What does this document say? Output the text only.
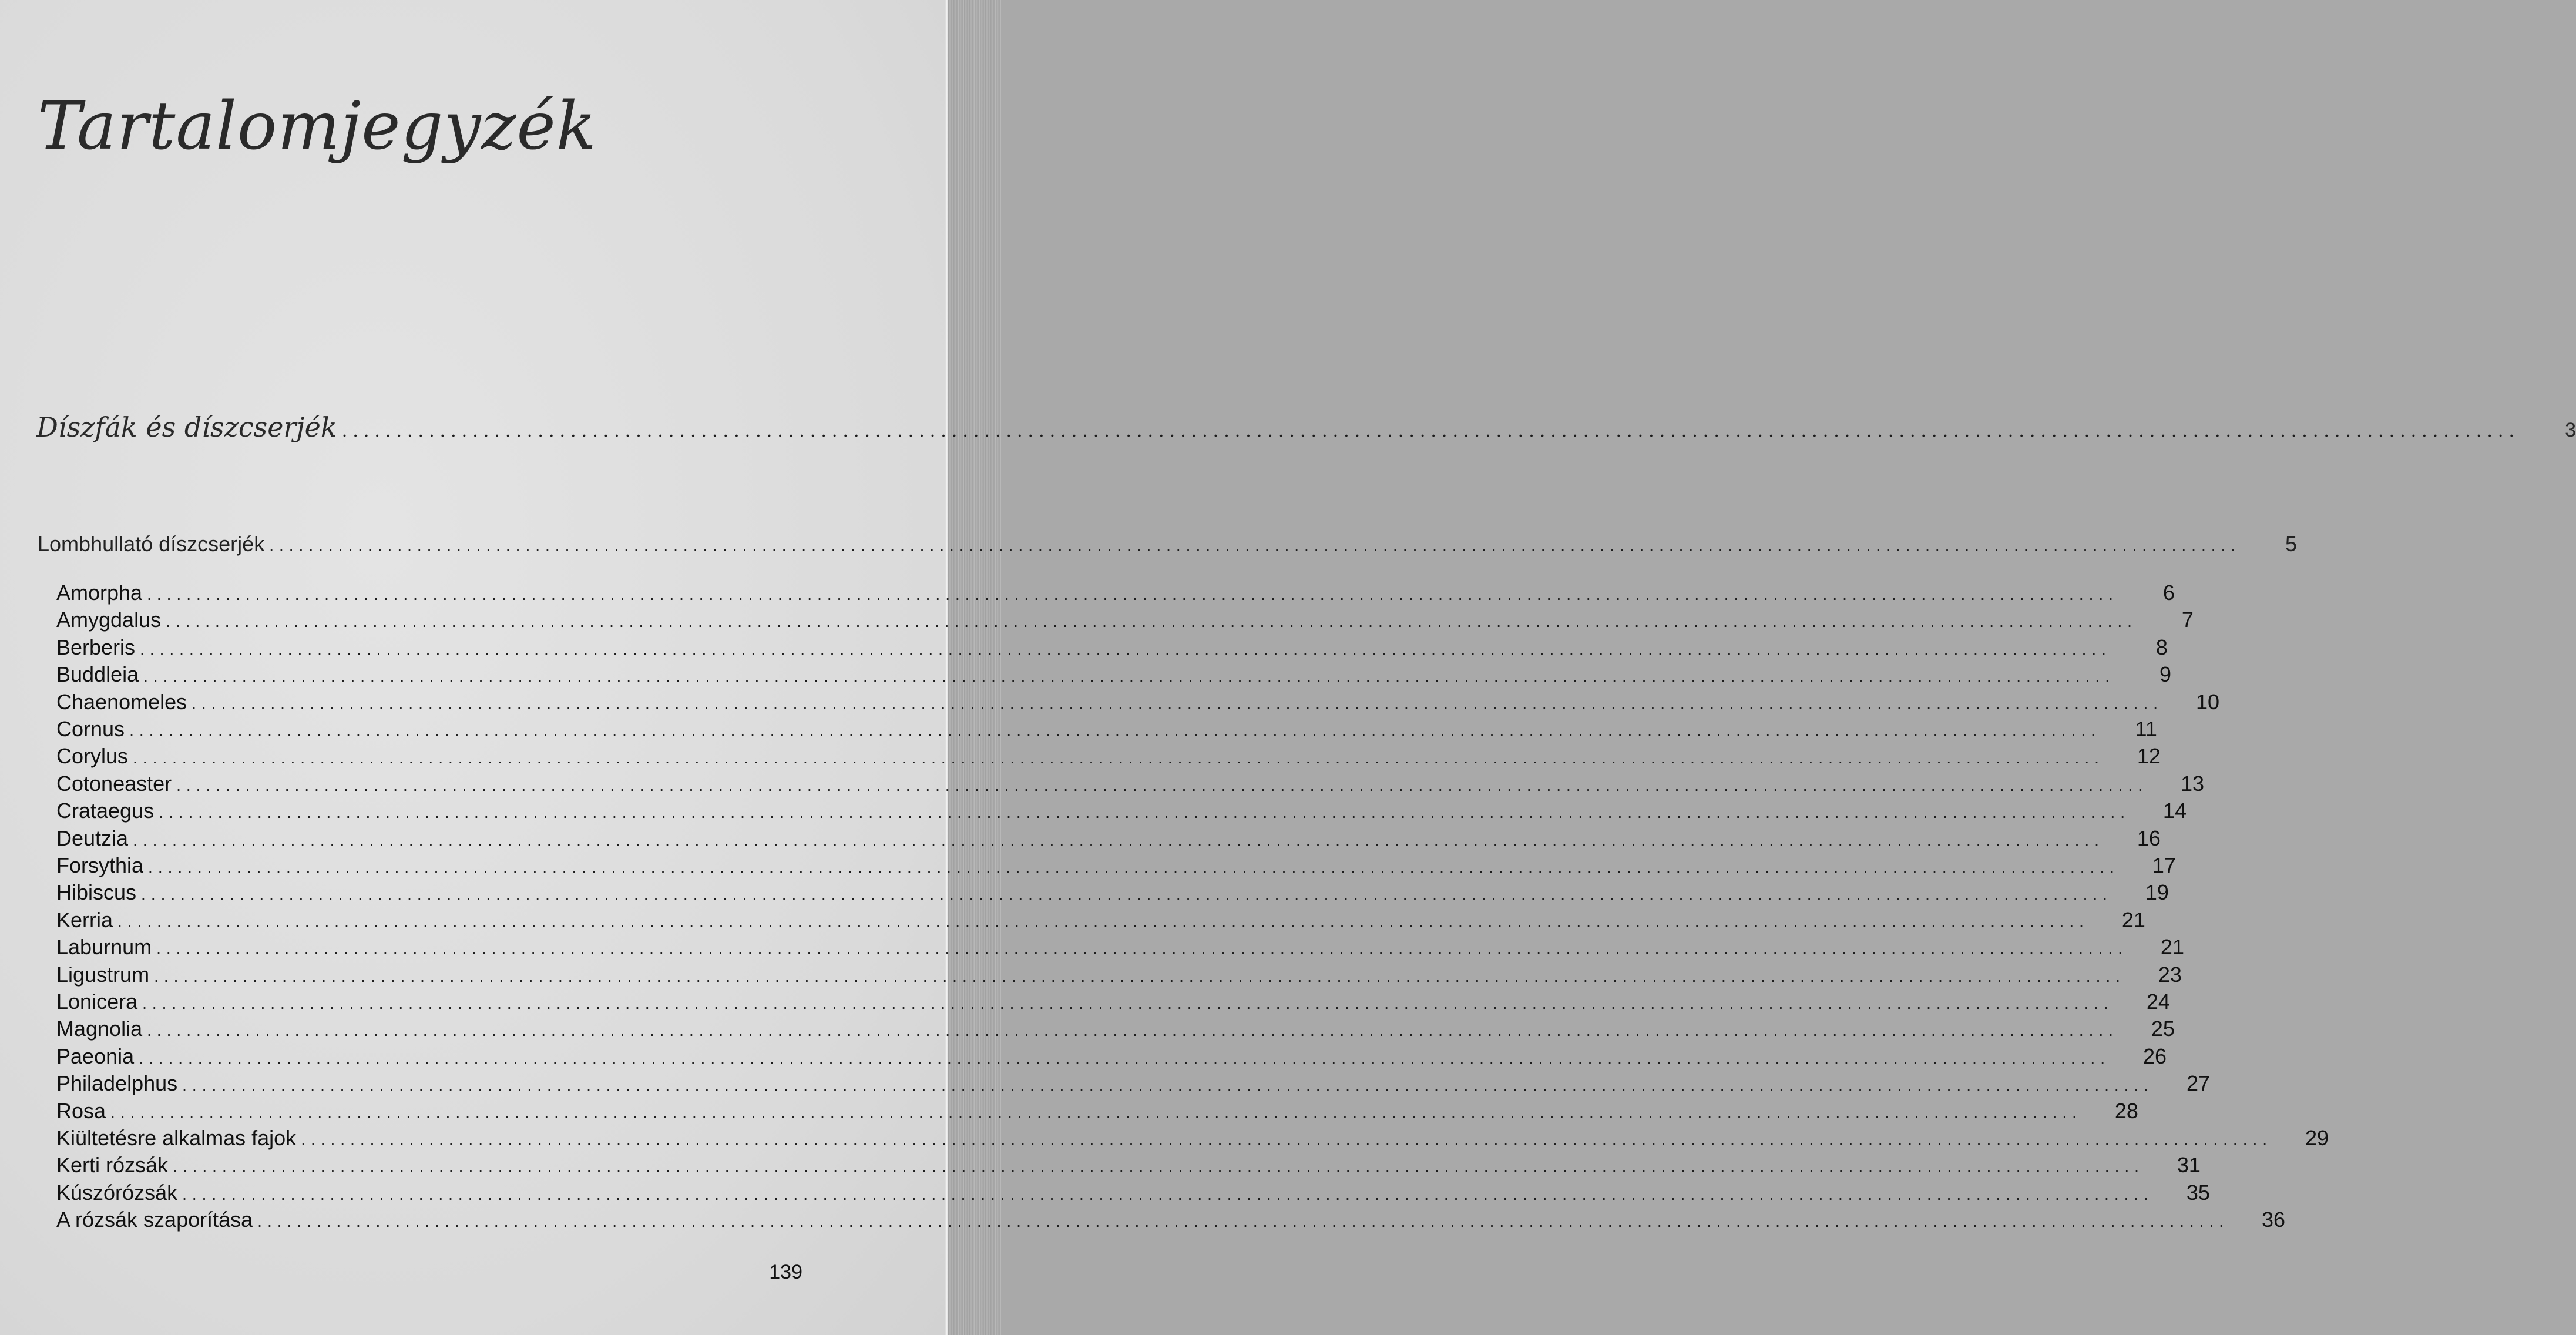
Tartalomjegyzék
Díszfák és díszcserjék ........................................................................................................................................................................................................	3
Lombhullató díszcserjék ........................................................................................................................................................................................................	5
Amorpha ........................................................................................................................................................................................................	6
Amygdalus ........................................................................................................................................................................................................	7
Berberis ........................................................................................................................................................................................................	8
Buddleia ........................................................................................................................................................................................................	9
Chaenomeles ........................................................................................................................................................................................................	10
Cornus ........................................................................................................................................................................................................	11
Corylus ........................................................................................................................................................................................................	12
Cotoneaster ........................................................................................................................................................................................................	13
Crataegus ........................................................................................................................................................................................................	14
Deutzia ........................................................................................................................................................................................................	16
Forsythia ........................................................................................................................................................................................................	17
Hibiscus ........................................................................................................................................................................................................	19
Kerria ........................................................................................................................................................................................................	21
Laburnum ........................................................................................................................................................................................................	21
Ligustrum ........................................................................................................................................................................................................	23
Lonicera ........................................................................................................................................................................................................	24
Magnolia ........................................................................................................................................................................................................	25
Paeonia ........................................................................................................................................................................................................	26
Philadelphus ........................................................................................................................................................................................................	27
Rosa ........................................................................................................................................................................................................	28
Kiültetésre alkalmas fajok ........................................................................................................................................................................................................	29
Kerti rózsák ........................................................................................................................................................................................................	31
Kúszórózsák ........................................................................................................................................................................................................	35
A rózsák szaporítása ........................................................................................................................................................................................................	36
139
